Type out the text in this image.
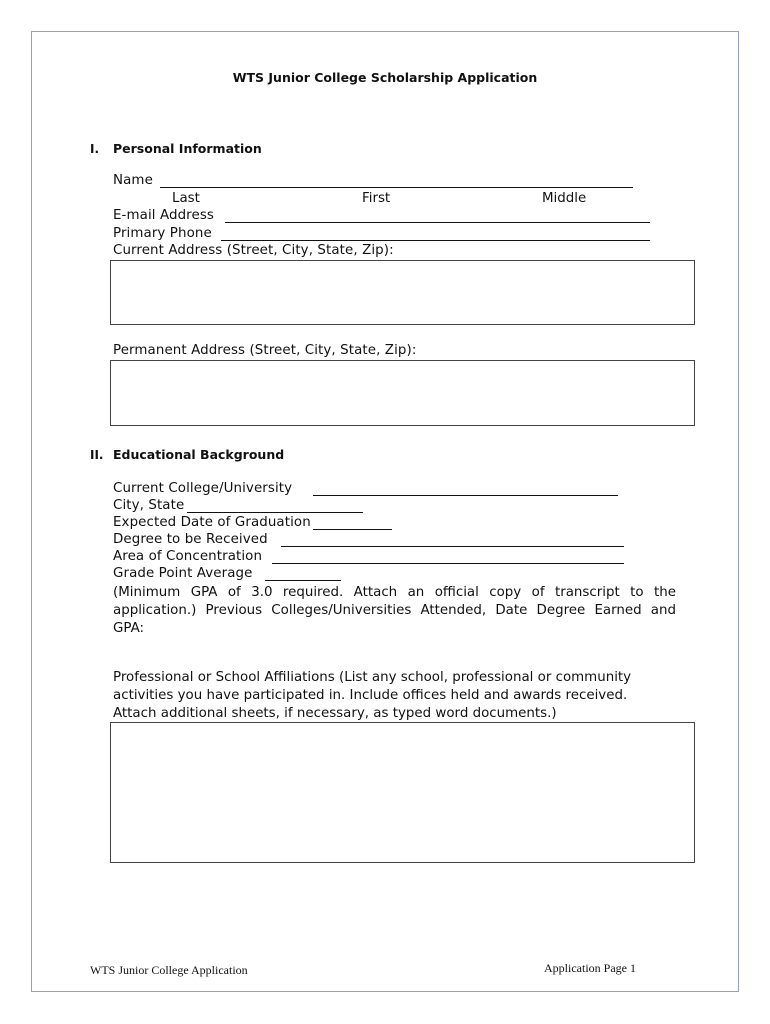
WTS Junior College Scholarship Application
I. Personal Information
Name
Last	First	Middle
E-mail Address
Primary Phone
Current Address (Street, City, State, Zip):
Permanent Address (Street, City, State, Zip):
II. Educational Background
Current College/University
City, State
Expected Date of Graduation
Degree to be Received
Area of Concentration
Grade Point Average
(Minimum GPA of 3.0 required. Attach an official copy of transcript to the application.) Previous Colleges/Universities Attended, Date Degree Earned and GPA:
Professional or School Affiliations (List any school, professional or community
activities you have participated in. Include offices held and awards received.
Attach additional sheets, if necessary, as typed word documents.)
WTS Junior College Application	Application Page 1
